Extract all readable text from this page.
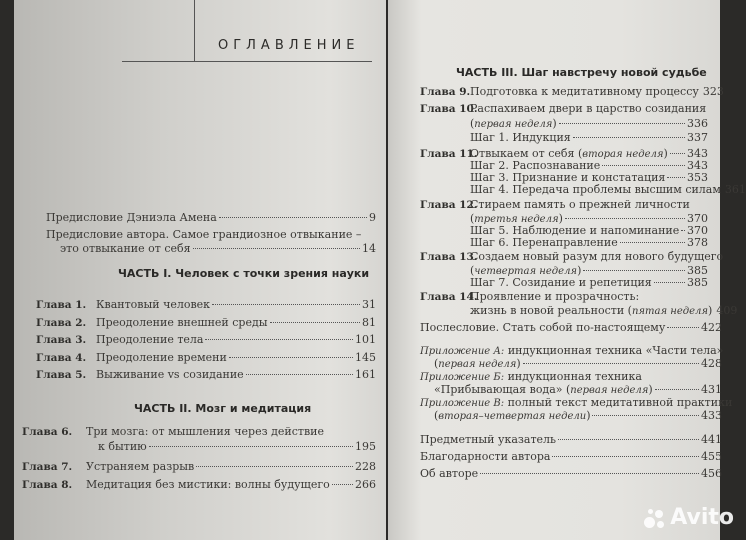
ОГЛАВЛЕНИЕ
Предисловие Дэниэла Амена	9
Предисловие автора. Самое грандиозное отвыкание –
это отвыкание от себя	14
ЧАСТЬ I. Человек с точки зрения науки
Глава 1. Квантовый человек	31
Глава 2. Преодоление внешней среды	81
Глава 3. Преодоление тела	101
Глава 4. Преодоление времени	145
Глава 5. Выживание vs созидание	161
ЧАСТЬ II. Мозг и медитация
Глава 6. Три мозга: от мышления через действие
к бытию	195
Глава 7. Устраняем разрыв	228
Глава 8. Медитация без мистики: волны будущего 266
ЧАСТЬ III. Шаг навстречу новой судьбе
Глава 9. Подготовка к медитативному процессу 323
Глава 10.
Распахиваем двери в царство созидания
(первая неделя)	336
Шаг 1. Индукция	337
Глава 11.
Отвыкаем от себя (вторая неделя) 343
Шаг 2. Распознавание	343
Шаг 3. Признание и констатация 353
Шаг 4. Передача проблемы высшим силам 361
Глава 12.
Стираем память о прежней личности
(третья неделя)	370
Шаг 5. Наблюдение и напоминание 370
Шаг 6. Перенаправление	378
Глава 13.
Создаем новый разум для нового будущего
(четвертая неделя)	385
Шаг 7. Созидание и репетиция	385
Глава 14.
Проявление и прозрачность:
жизнь в новой реальности (пятая неделя) 409
Послесловие. Стать собой по-настоящему	422
Приложение А: индукционная техника «Части тела»
(первая неделя)	428
Приложение Б: индукционная техника
«Прибывающая вода» (первая неделя)	431
Приложение В: полный текст медитативной практики
(вторая–четвертая недели)	433
Предметный указатель	441
Благодарности автора	455
Об авторе	456
Avito
